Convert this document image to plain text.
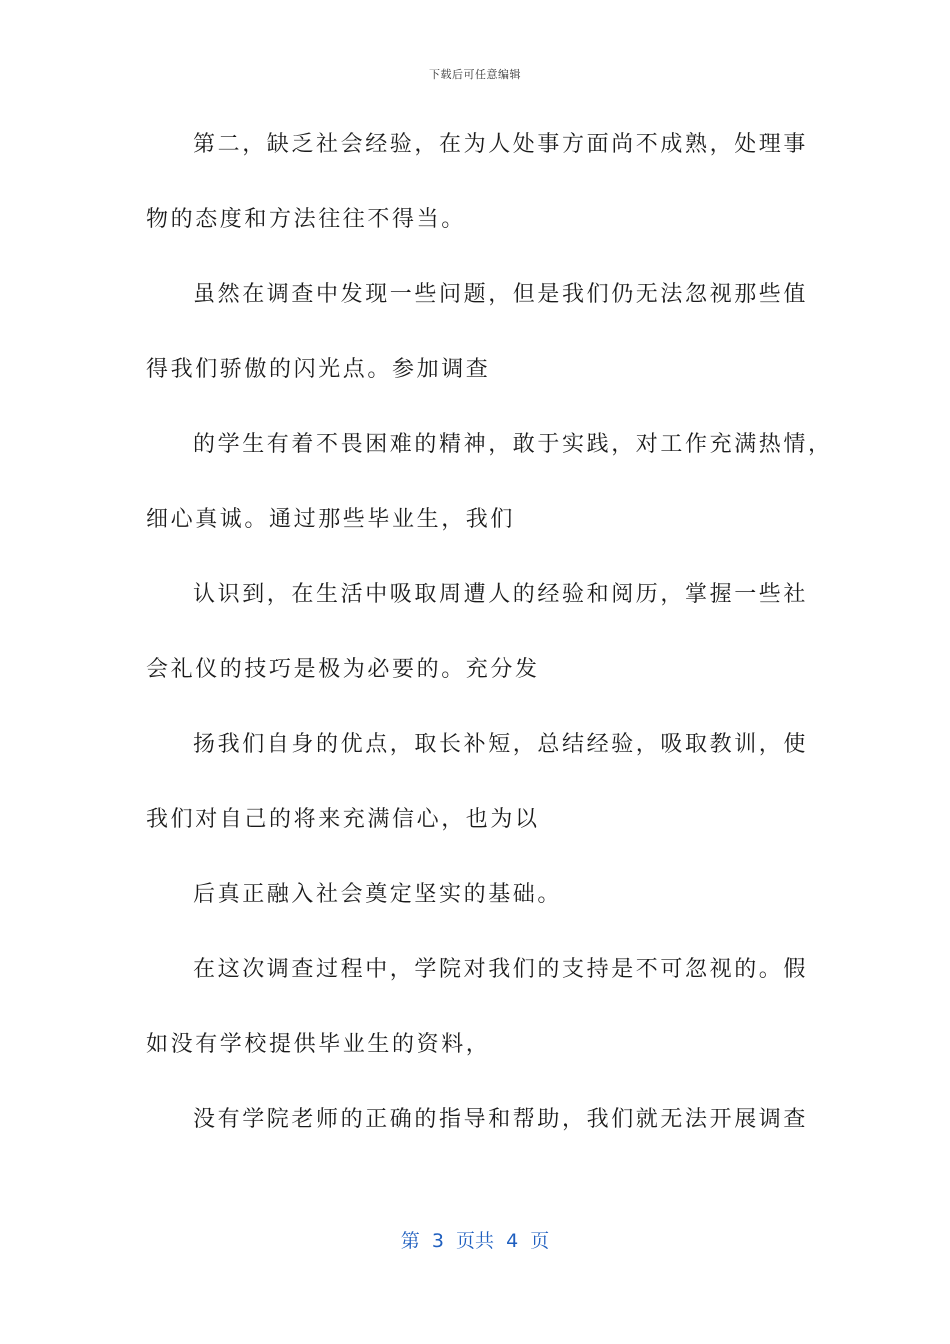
下载后可任意编辑
第二，缺乏社会经验，在为人处事方面尚不成熟，处理事
物的态度和方法往往不得当。
虽然在调查中发现一些问题，但是我们仍无法忽视那些值
得我们骄傲的闪光点。参加调查
的学生有着不畏困难的精神，敢于实践，对工作充满热情，
细心真诚。通过那些毕业生，我们
认识到，在生活中吸取周遭人的经验和阅历，掌握一些社
会礼仪的技巧是极为必要的。充分发
扬我们自身的优点，取长补短，总结经验，吸取教训，使
我们对自己的将来充满信心，也为以
后真正融入社会奠定坚实的基础。
在这次调查过程中，学院对我们的支持是不可忽视的。假
如没有学校提供毕业生的资料，
没有学院老师的正确的指导和帮助，我们就无法开展调查
第  3  页共  4  页
